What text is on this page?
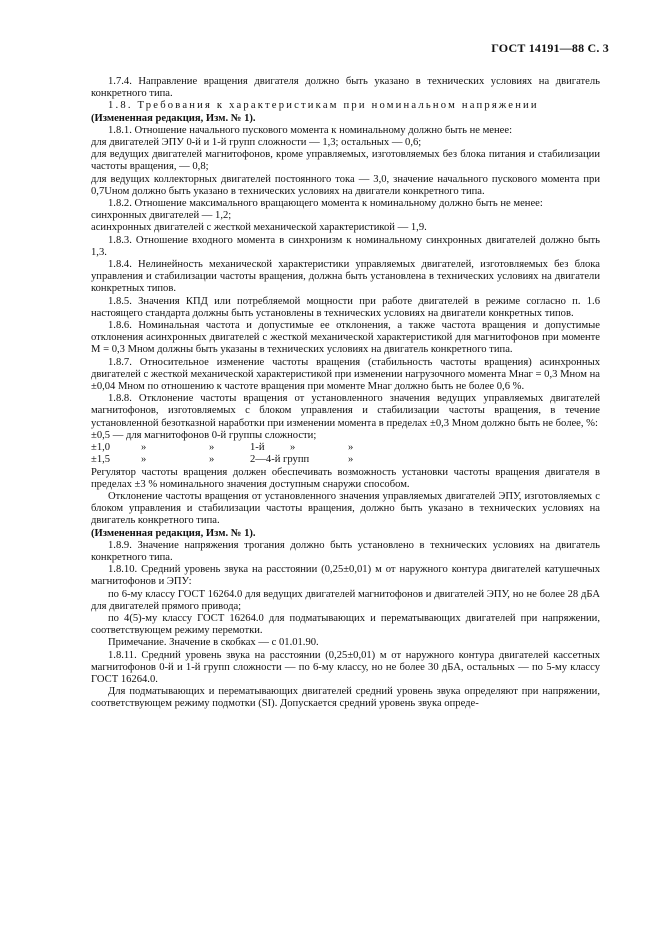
ГОСТ 14191—88 С. 3

1.7.4. Направление вращения двигателя должно быть указано в технических условиях на двигатель конкретного типа.

1.8. Требования к характеристикам при номинальном напряжении

(Измененная редакция, Изм. № 1).

1.8.1. Отношение начального пускового момента к номинальному должно быть не менее:

для двигателей ЭПУ 0-й и 1-й групп сложности — 1,3; остальных — 0,6;

для ведущих двигателей магнитофонов, кроме управляемых, изготовляемых без блока питания и стабилизации частоты вращения, — 0,8;

для ведущих коллекторных двигателей постоянного тока — 3,0, значение начального пускового момента при 0,7Uном должно быть указано в технических условиях на двигатели конкретного типа.

1.8.2. Отношение максимального вращающего момента к номинальному должно быть не менее:

синхронных двигателей — 1,2;

асинхронных двигателей с жесткой механической характеристикой — 1,9.

1.8.3. Отношение входного момента в синхронизм к номинальному синхронных двигателей должно быть 1,3.

1.8.4. Нелинейность механической характеристики управляемых двигателей, изготовляемых без блока управления и стабилизации частоты вращения, должна быть установлена в технических условиях на двигатели конкретных типов.

1.8.5. Значения КПД или потребляемой мощности при работе двигателей в режиме согласно п. 1.6 настоящего стандарта должны быть установлены в технических условиях на двигатели конкретных типов.

1.8.6. Номинальная частота и допустимые ее отклонения, а также частота вращения и допустимые отклонения асинхронных двигателей с жесткой механической характеристикой для магнитофонов при моменте M = 0,3 Mном должны быть указаны в технических условиях на двигатель конкретного типа.

1.8.7. Относительное изменение частоты вращения (стабильность частоты вращения) асинхронных двигателей с жесткой механической характеристикой при изменении нагрузочного момента Mнаг = 0,3 Mном на ±0,04 Mном по отношению к частоте вращения при моменте Mнаг должно быть не более 0,6 %.

1.8.8. Отклонение частоты вращения от установленного значения ведущих управляемых двигателей магнитофонов, изготовляемых с блоком управления и стабилизации частоты вращения, в течение установленной безотказной наработки при изменении момента в пределах ±0,3 Mном должно быть не более, %:

±0,5 — для магнитофонов 0-й группы сложности;

±1,0	»	»	1-й	»	»
±1,5	»	»	2—4-й групп	»

Регулятор частоты вращения должен обеспечивать возможность установки частоты вращения двигателя в пределах ±3 % номинального значения доступным снаружи способом.

Отклонение частоты вращения от установленного значения управляемых двигателей ЭПУ, изготовляемых с блоком управления и стабилизации частоты вращения, должно быть указано в технических условиях на двигатель конкретного типа.

(Измененная редакция, Изм. № 1).

1.8.9. Значение напряжения трогания должно быть установлено в технических условиях на двигатель конкретного типа.

1.8.10. Средний уровень звука на расстоянии (0,25±0,01) м от наружного контура двигателей катушечных магнитофонов и ЭПУ:

по 6-му классу ГОСТ 16264.0 для ведущих двигателей магнитофонов и двигателей ЭПУ, но не более 28 дБА для двигателей прямого привода;

по 4(5)-му классу ГОСТ 16264.0 для подматывающих и перематывающих двигателей при напряжении, соответствующем режиму перемотки.

Примечание. Значение в скобках — с 01.01.90.

1.8.11. Средний уровень звука на расстоянии (0,25±0,01) м от наружного контура двигателей кассетных магнитофонов 0-й и 1-й групп сложности — по 6-му классу, но не более 30 дБА, остальных — по 5-му классу ГОСТ 16264.0.

Для подматывающих и перематывающих двигателей средний уровень звука определяют при напряжении, соответствующем режиму подмотки (SI). Допускается средний уровень звука опреде-
